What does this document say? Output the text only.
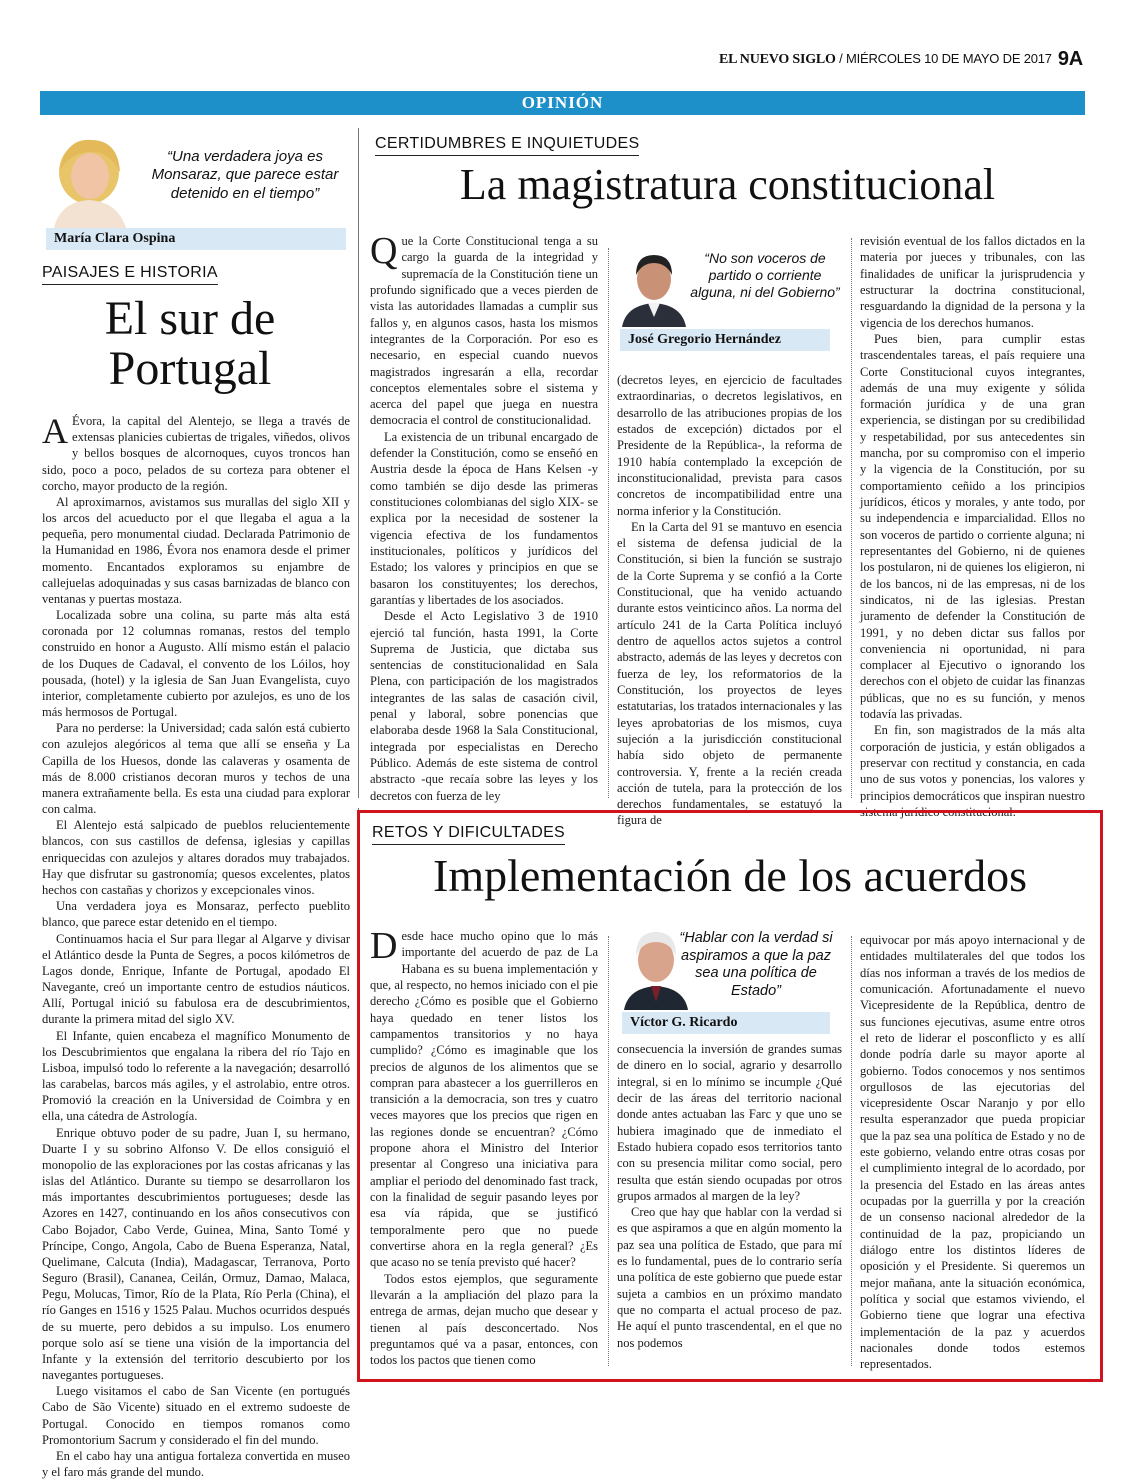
EL NUEVO SIGLO / MIÉRCOLES 10 DE MAYO DE 2017 9A
OPINIÓN
“Una verdadera joya es Monsaraz, que parece estar detenido en el tiempo”
María Clara Ospina
PAISAJES E HISTORIA
El sur de Portugal
A Évora, la capital del Alentejo, se llega a través de extensas planicies cubiertas de trigales, viñedos, olivos y bellos bosques de alcornoques, cuyos troncos han sido, poco a poco, pelados de su corteza para obtener el corcho, mayor producto de la región.

Al aproximarnos, avistamos sus murallas del siglo XII y los arcos del acueducto por el que llegaba el agua a la pequeña, pero monumental ciudad. Declarada Patrimonio de la Humanidad en 1986, Évora nos enamora desde el primer momento. Encantados exploramos su enjambre de callejuelas adoquinadas y sus casas barnizadas de blanco con ventanas y puertas mostaza.

Localizada sobre una colina, su parte más alta está coronada por 12 columnas romanas, restos del templo construido en honor a Augusto. Allí mismo están el palacio de los Duques de Cadaval, el convento de los Lóilos, hoy pousada, (hotel) y la iglesia de San Juan Evangelista, cuyo interior, completamente cubierto por azulejos, es uno de los más hermosos de Portugal.

Para no perderse: la Universidad; cada salón está cubierto con azulejos alegóricos al tema que allí se enseña y La Capilla de los Huesos, donde las calaveras y osamenta de más de 8.000 cristianos decoran muros y techos de una manera extrañamente bella. Es esta una ciudad para explorar con calma.

El Alentejo está salpicado de pueblos relucientemente blancos, con sus castillos de defensa, iglesias y capillas enriquecidas con azulejos y altares dorados muy trabajados. Hay que disfrutar su gastronomía; quesos excelentes, platos hechos con castañas y chorizos y excepcionales vinos.

Una verdadera joya es Monsaraz, perfecto pueblito blanco, que parece estar detenido en el tiempo.

Continuamos hacia el Sur para llegar al Algarve y divisar el Atlántico desde la Punta de Segres, a pocos kilómetros de Lagos donde, Enrique, Infante de Portugal, apodado El Navegante, creó un importante centro de estudios náuticos. Allí, Portugal inició su fabulosa era de descubrimientos, durante la primera mitad del siglo XV.

El Infante, quien encabeza el magnífico Monumento de los Descubrimientos que engalana la ribera del río Tajo en Lisboa, impulsó todo lo referente a la navegación; desarrolló las carabelas, barcos más agiles, y el astrolabio, entre otros. Promovió la creación en la Universidad de Coimbra y en ella, una cátedra de Astrología.

Enrique obtuvo poder de su padre, Juan I, su hermano, Duarte I y su sobrino Alfonso V. De ellos consiguió el monopolio de las exploraciones por las costas africanas y las islas del Atlántico. Durante su tiempo se desarrollaron los más importantes descubrimientos portugueses; desde las Azores en 1427, continuando en los años consecutivos con Cabo Bojador, Cabo Verde, Guinea, Mina, Santo Tomé y Príncipe, Congo, Angola, Cabo de Buena Esperanza, Natal, Quelimane, Calcuta (India), Madagascar, Terranova, Porto Seguro (Brasil), Cananea, Ceilán, Ormuz, Damao, Malaca, Pegu, Molucas, Timor, Río de la Plata, Río Perla (China), el río Ganges en 1516 y 1525 Palau. Muchos ocurridos después de su muerte, pero debidos a su impulso. Los enumero porque solo así se tiene una visión de la importancia del Infante y la extensión del territorio descubierto por los navegantes portugueses.

Luego visitamos el cabo de San Vicente (en portugués Cabo de São Vicente) situado en el extremo sudoeste de Portugal. Conocido en tiempos romanos como Promontorium Sacrum y considerado el fin del mundo.

En el cabo hay una antigua fortaleza convertida en museo y el faro más grande del mundo.

CERTIDUMBRES E INQUIETUDES
La magistratura constitucional
Q ue la Corte Constitucional tenga a su cargo la guarda de la integridad y supremacía de la Constitución tiene un profundo significado que a veces pierden de vista las autoridades llamadas a cumplir sus fallos y, en algunos casos, hasta los mismos integrantes de la Corporación. Por eso es necesario, en especial cuando nuevos magistrados ingresarán a ella, recordar conceptos elementales sobre el sistema y acerca del papel que juega en nuestra democracia el control de constitucionalidad.

La existencia de un tribunal encargado de defender la Constitución, como se enseñó en Austria desde la época de Hans Kelsen -y como también se dijo desde las primeras constituciones colombianas del siglo XIX- se explica por la necesidad de sostener la vigencia efectiva de los fundamentos institucionales, políticos y jurídicos del Estado; los valores y principios en que se basaron los constituyentes; los derechos, garantías y libertades de los asociados.

Desde el Acto Legislativo 3 de 1910 ejerció tal función, hasta 1991, la Corte Suprema de Justicia, que dictaba sus sentencias de constitucionalidad en Sala Plena, con participación de los magistrados integrantes de las salas de casación civil, penal y laboral, sobre ponencias que elaboraba desde 1968 la Sala Constitucional, integrada por especialistas en Derecho Público. Además de este sistema de control abstracto -que recaía sobre las leyes y los decretos con fuerza de ley

“No son voceros de partido o corriente alguna, ni del Gobierno”
José Gregorio Hernández

(decretos leyes, en ejercicio de facultades extraordinarias, o decretos legislativos, en desarrollo de las atribuciones propias de los estados de excepción) dictados por el Presidente de la República-, la reforma de 1910 había contemplado la excepción de inconstitucionalidad, prevista para casos concretos de incompatibilidad entre una norma inferior y la Constitución.

En la Carta del 91 se mantuvo en esencia el sistema de defensa judicial de la Constitución, si bien la función se sustrajo de la Corte Suprema y se confió a la Corte Constitucional, que ha venido actuando durante estos veinticinco años. La norma del artículo 241 de la Carta Política incluyó dentro de aquellos actos sujetos a control abstracto, además de las leyes y decretos con fuerza de ley, los reformatorios de la Constitución, los proyectos de leyes estatutarias, los tratados internacionales y las leyes aprobatorias de los mismos, cuya sujeción a la jurisdicción constitucional había sido objeto de permanente controversia. Y, frente a la recién creada acción de tutela, para la protección de los derechos fundamentales, se estatuyó la figura de

revisión eventual de los fallos dictados en la materia por jueces y tribunales, con las finalidades de unificar la jurisprudencia y estructurar la doctrina constitucional, resguardando la dignidad de la persona y la vigencia de los derechos humanos.

Pues bien, para cumplir estas trascendentales tareas, el país requiere una Corte Constitucional cuyos integrantes, además de una muy exigente y sólida formación jurídica y de una gran experiencia, se distingan por su credibilidad y respetabilidad, por sus antecedentes sin mancha, por su compromiso con el imperio y la vigencia de la Constitución, por su comportamiento ceñido a los principios jurídicos, éticos y morales, y ante todo, por su independencia e imparcialidad. Ellos no son voceros de partido o corriente alguna; ni representantes del Gobierno, ni de quienes los postularon, ni de quienes los eligieron, ni de los bancos, ni de las empresas, ni de los sindicatos, ni de las iglesias. Prestan juramento de defender la Constitución de 1991, y no deben dictar sus fallos por conveniencia ni oportunidad, ni para complacer al Ejecutivo o ignorando los derechos con el objeto de cuidar las finanzas públicas, que no es su función, y menos todavía las privadas.

En fin, son magistrados de la más alta corporación de justicia, y están obligados a preservar con rectitud y constancia, en cada uno de sus votos y ponencias, los valores y principios democráticos que inspiran nuestro sistema jurídico constitucional.

RETOS Y DIFICULTADES
Implementación de los acuerdos
D esde hace mucho opino que lo más importante del acuerdo de paz de La Habana es su buena implementación y que, al respecto, no hemos iniciado con el pie derecho ¿Cómo es posible que el Gobierno haya quedado en tener listos los campamentos transitorios y no haya cumplido? ¿Cómo es imaginable que los precios de algunos de los alimentos que se compran para abastecer a los guerrilleros en transición a la democracia, son tres y cuatro veces mayores que los precios que rigen en las regiones donde se encuentran? ¿Cómo propone ahora el Ministro del Interior presentar al Congreso una iniciativa para ampliar el periodo del denominado fast track, con la finalidad de seguir pasando leyes por esa vía rápida, que se justificó temporalmente pero que no puede convertirse ahora en la regla general? ¿Es que acaso no se tenía previsto qué hacer?

Todos estos ejemplos, que seguramente llevarán a la ampliación del plazo para la entrega de armas, dejan mucho que desear y tienen al país desconcertado. Nos preguntamos qué va a pasar, entonces, con todos los pactos que tienen como

“Hablar con la verdad si aspiramos a que la paz sea una política de Estado”
Víctor G. Ricardo

consecuencia la inversión de grandes sumas de dinero en lo social, agrario y desarrollo integral, si en lo mínimo se incumple ¿Qué decir de las áreas del territorio nacional donde antes actuaban las Farc y que uno se hubiera imaginado que de inmediato el Estado hubiera copado esos territorios tanto con su presencia militar como social, pero resulta que están siendo ocupadas por otros grupos armados al margen de la ley?

Creo que hay que hablar con la verdad si es que aspiramos a que en algún momento la paz sea una política de Estado, que para mí es lo fundamental, pues de lo contrario sería una política de este gobierno que puede estar sujeta a cambios en un próximo mandato que no comparta el actual proceso de paz. He aquí el punto trascendental, en el que no nos podemos

equivocar por más apoyo internacional y de entidades multilaterales del que todos los días nos informan a través de los medios de comunicación. Afortunadamente el nuevo Vicepresidente de la República, dentro de sus funciones ejecutivas, asume entre otros el reto de liderar el posconflicto y es allí donde podría darle su mayor aporte al gobierno. Todos conocemos y nos sentimos orgullosos de las ejecutorias del vicepresidente Oscar Naranjo y por ello resulta esperanzador que pueda propiciar que la paz sea una política de Estado y no de este gobierno, velando entre otras cosas por el cumplimiento integral de lo acordado, por la presencia del Estado en las áreas antes ocupadas por la guerrilla y por la creación de un consenso nacional alrededor de la continuidad de la paz, propiciando un diálogo entre los distintos líderes de oposición y el Presidente. Si queremos un mejor mañana, ante la situación económica, política y social que estamos viviendo, el Gobierno tiene que lograr una efectiva implementación de la paz y acuerdos nacionales donde todos estemos representados.
